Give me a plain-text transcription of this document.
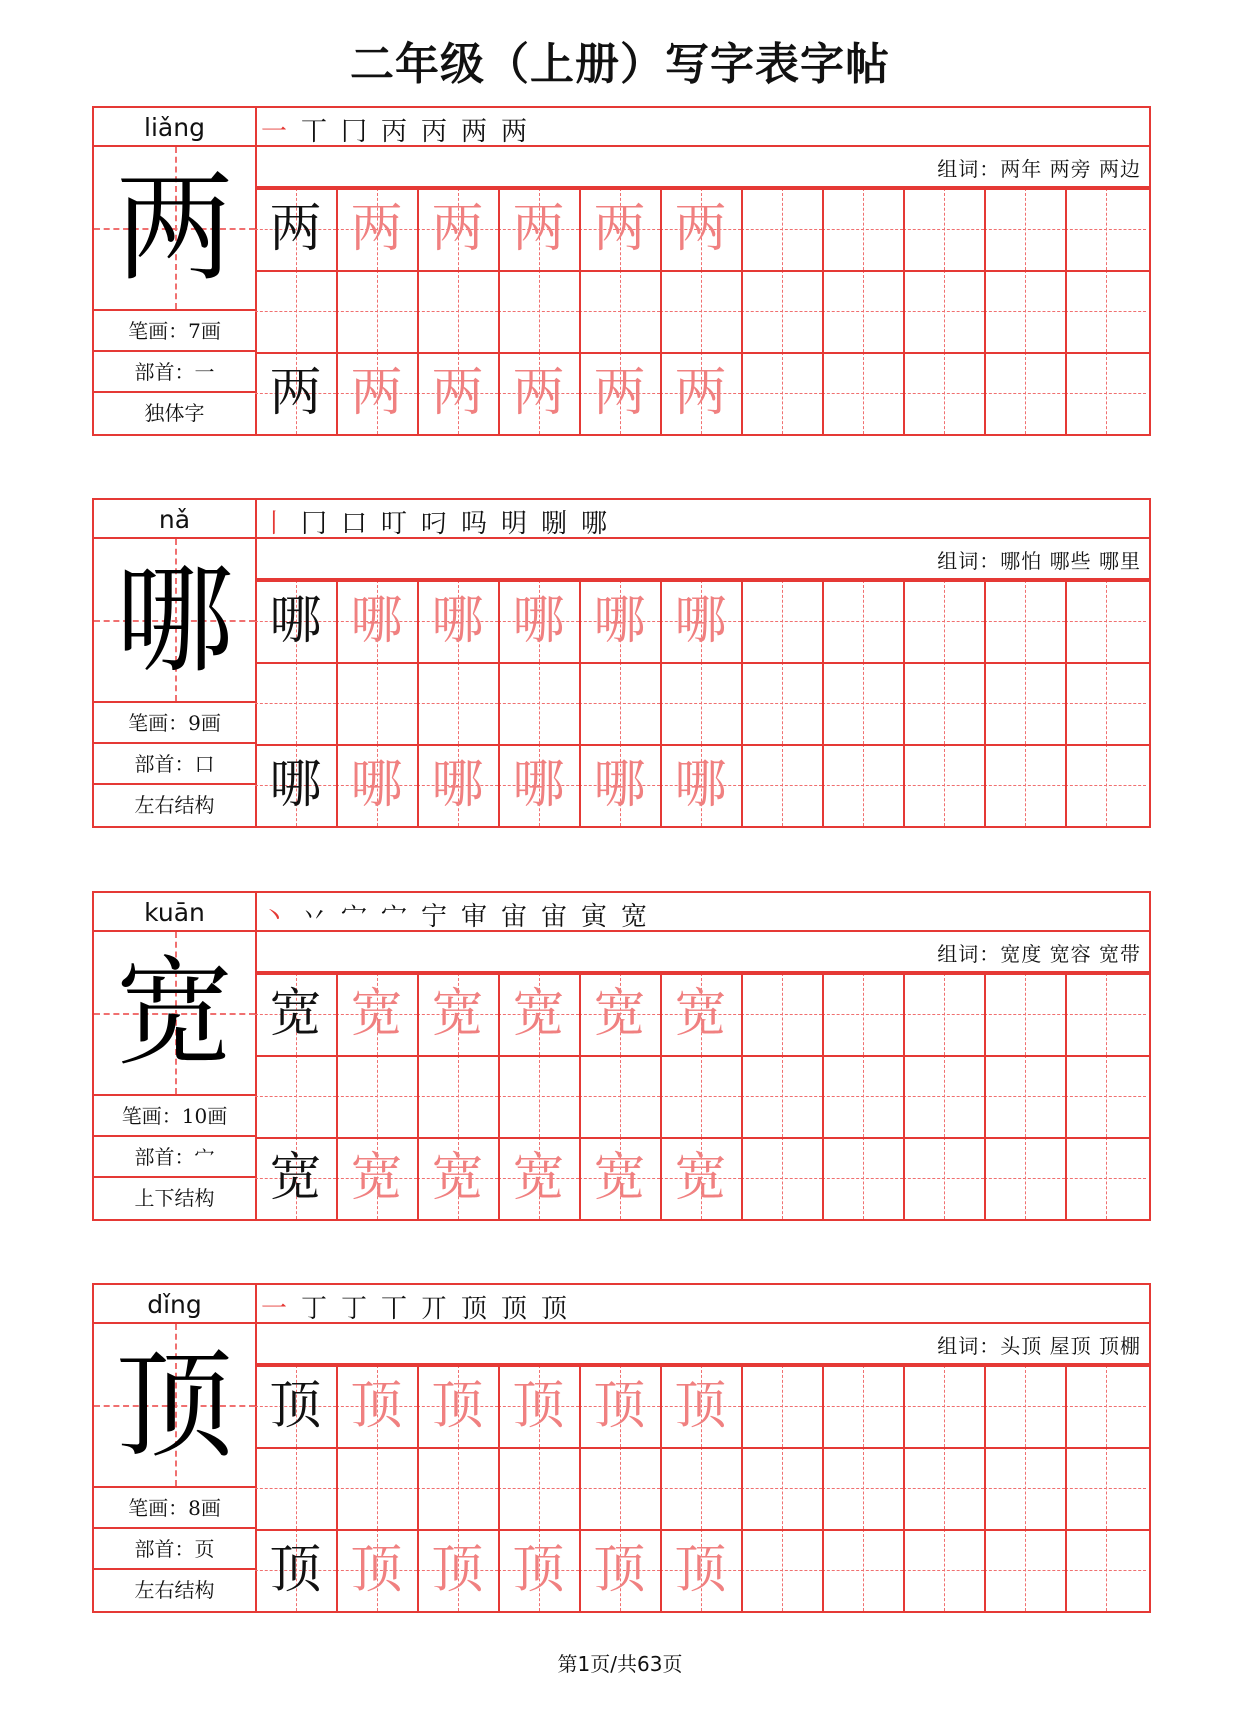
二年级（上册）写字表字帖
liǎng
两
笔画：7画
部首：一
独体字
一 丅 冂 丙 丙 两 两
组词：两年 两旁 两边
两 两 两 两 两 两
两 两 两 两 两 两
nǎ
哪
笔画：9画
部首：口
左右结构
丨 冂 口 叮 叼 吗 明 哵 哪
组词：哪怕 哪些 哪里
哪 哪 哪 哪 哪 哪
哪 哪 哪 哪 哪 哪
kuān
宽
笔画：10画
部首：宀
上下结构
丶 丷 宀 宀 宁 审 宙 宙 寅 宽
组词：宽度 宽容 宽带
宽 宽 宽 宽 宽 宽
宽 宽 宽 宽 宽 宽
dǐng
顶
笔画：8画
部首：页
左右结构
一 丁 丁 丅 丌 顶 顶 顶
组词：头顶 屋顶 顶棚
顶 顶 顶 顶 顶 顶
顶 顶 顶 顶 顶 顶
第1页/共63页
